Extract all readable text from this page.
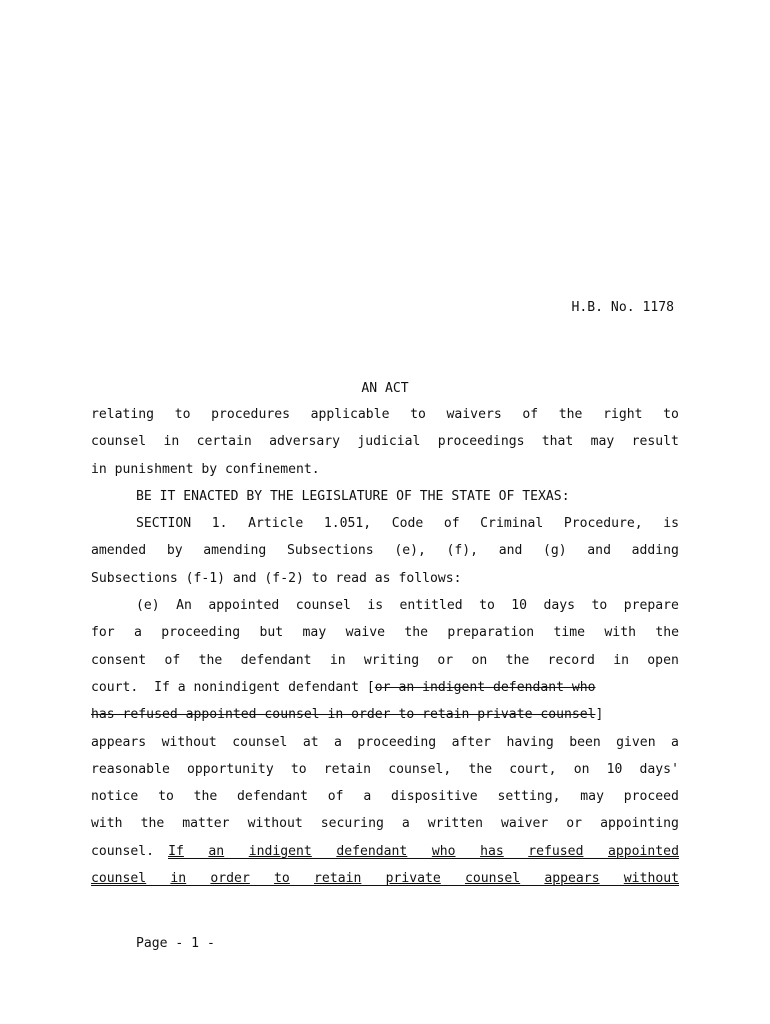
H.B. No. 1178
AN ACT
relating to procedures applicable to waivers of the right to
counsel in certain adversary judicial proceedings that may result
in punishment by confinement.
BE IT ENACTED BY THE LEGISLATURE OF THE STATE OF TEXAS:
SECTION 1. Article 1.051, Code of Criminal Procedure, is
amended by amending Subsections (e), (f), and (g) and adding
Subsections (f-1) and (f-2) to read as follows:
(e) An appointed counsel is entitled to 10 days to prepare
for a proceeding but may waive the preparation time with the
consent of the defendant in writing or on the record in open
court.  If a nonindigent defendant [or an indigent defendant who
has refused appointed counsel in order to retain private counsel]
appears without counsel at a proceeding after having been given a
reasonable opportunity to retain counsel, the court, on 10 days'
notice to the defendant of a dispositive setting, may proceed
with the matter without securing a written waiver or appointing
counsel. If an indigent defendant who has refused appointed
counsel in order to retain private counsel appears without
Page - 1 -
